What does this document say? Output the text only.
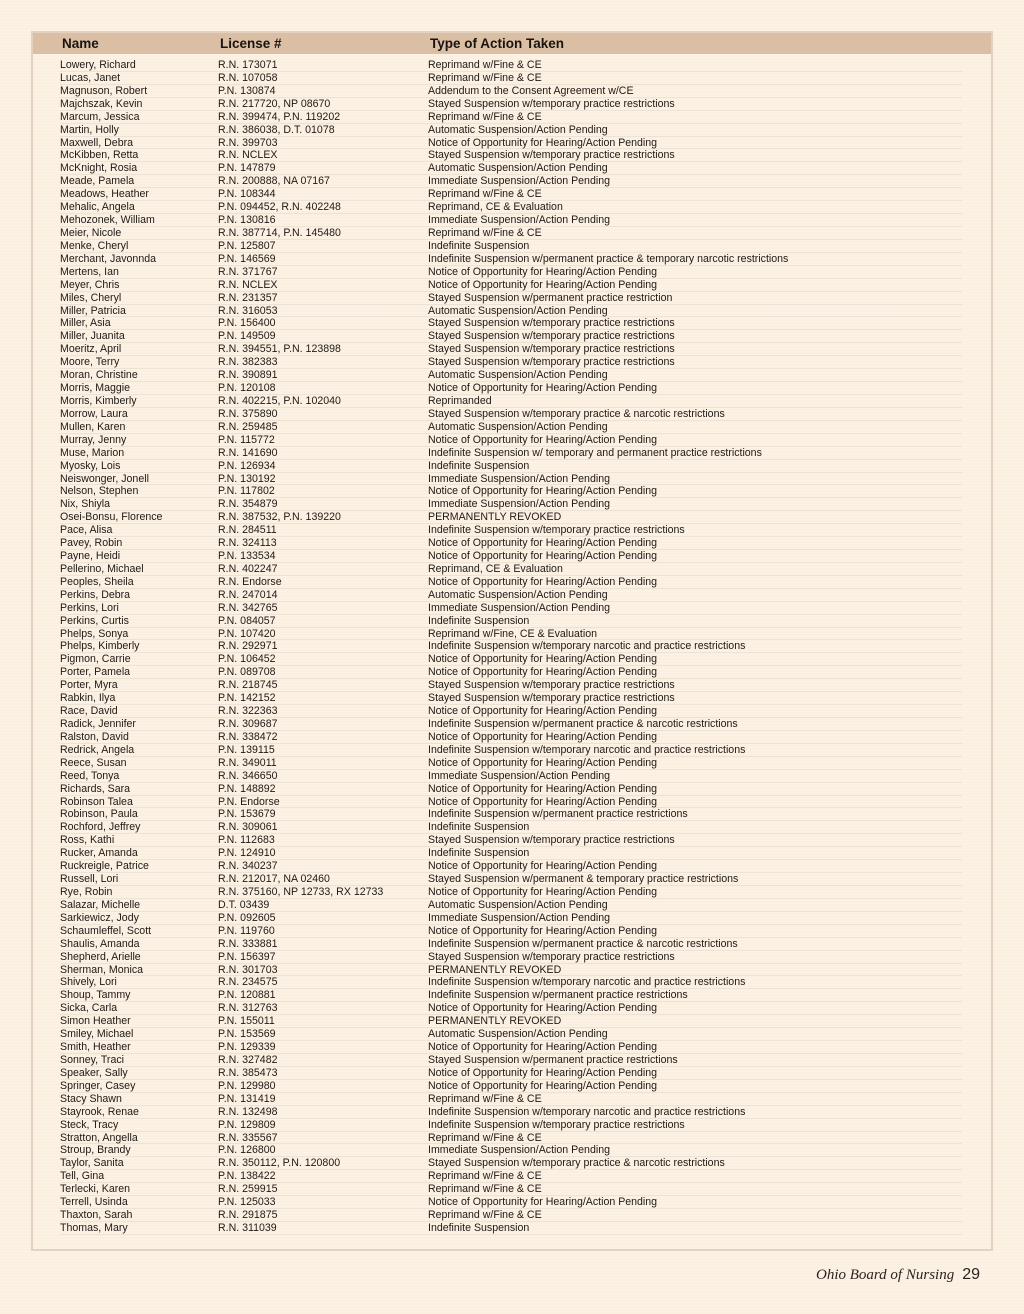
Name	License #	Type of Action Taken
Lowery, Richard	R.N. 173071	Reprimand w/Fine & CE
Lucas, Janet	R.N. 107058	Reprimand w/Fine & CE
Magnuson, Robert	P.N. 130874	Addendum to the Consent Agreement w/CE
Majchszak, Kevin	R.N. 217720, NP 08670	Stayed Suspension w/temporary practice restrictions
Marcum, Jessica	R.N. 399474, P.N. 119202	Reprimand w/Fine & CE
Martin, Holly	R.N. 386038, D.T. 01078	Automatic Suspension/Action Pending
Maxwell, Debra	R.N. 399703	Notice of Opportunity for Hearing/Action Pending
McKibben, Retta	R.N. NCLEX	Stayed Suspension w/temporary practice restrictions
McKnight, Rosia	P.N. 147879	Automatic Suspension/Action Pending
Meade, Pamela	R.N. 200888, NA 07167	Immediate Suspension/Action Pending
Meadows, Heather	P.N. 108344	Reprimand w/Fine & CE
Mehalic, Angela	P.N. 094452, R.N. 402248	Reprimand, CE & Evaluation
Mehozonek, William	P.N. 130816	Immediate Suspension/Action Pending
Meier, Nicole	R.N. 387714, P.N. 145480	Reprimand w/Fine & CE
Menke, Cheryl	P.N. 125807	Indefinite Suspension
Merchant, Javonnda	P.N. 146569	Indefinite Suspension w/permanent practice & temporary narcotic restrictions
Mertens, Ian	R.N. 371767	Notice of Opportunity for Hearing/Action Pending
Meyer, Chris	R.N. NCLEX	Notice of Opportunity for Hearing/Action Pending
Miles, Cheryl	R.N. 231357	Stayed Suspension w/permanent practice restriction
Miller, Patricia	R.N. 316053	Automatic Suspension/Action Pending
Miller, Asia	P.N. 156400	Stayed Suspension w/temporary practice restrictions
Miller, Juanita	P.N. 149509	Stayed Suspension w/temporary practice restrictions
Moeritz, April	R.N. 394551, P.N. 123898	Stayed Suspension w/temporary practice restrictions
Moore, Terry	R.N. 382383	Stayed Suspension w/temporary practice restrictions
Moran, Christine	R.N. 390891	Automatic Suspension/Action Pending
Morris, Maggie	P.N. 120108	Notice of Opportunity for Hearing/Action Pending
Morris, Kimberly	R.N. 402215, P.N. 102040	Reprimanded
Morrow, Laura	R.N. 375890	Stayed Suspension w/temporary practice & narcotic restrictions
Mullen, Karen	R.N. 259485	Automatic Suspension/Action Pending
Murray, Jenny	P.N. 115772	Notice of Opportunity for Hearing/Action Pending
Muse, Marion	R.N. 141690	Indefinite Suspension w/ temporary and permanent practice restrictions
Myosky, Lois	P.N. 126934	Indefinite Suspension
Neiswonger, Jonell	P.N. 130192	Immediate Suspension/Action Pending
Nelson, Stephen	P.N. 117802	Notice of Opportunity for Hearing/Action Pending
Nix, Shiyla	R.N. 354879	Immediate Suspension/Action Pending
Osei-Bonsu, Florence	R.N. 387532, P.N. 139220	PERMANENTLY REVOKED
Pace, Alisa	R.N. 284511	Indefinite Suspension w/temporary practice restrictions
Pavey, Robin	R.N. 324113	Notice of Opportunity for Hearing/Action Pending
Payne, Heidi	P.N. 133534	Notice of Opportunity for Hearing/Action Pending
Pellerino, Michael	R.N. 402247	Reprimand, CE & Evaluation
Peoples, Sheila	R.N. Endorse	Notice of Opportunity for Hearing/Action Pending
Perkins, Debra	R.N. 247014	Automatic Suspension/Action Pending
Perkins, Lori	R.N. 342765	Immediate Suspension/Action Pending
Perkins, Curtis	P.N. 084057	Indefinite Suspension
Phelps, Sonya	P.N. 107420	Reprimand w/Fine, CE & Evaluation
Phelps, Kimberly	R.N. 292971	Indefinite Suspension w/temporary narcotic and practice restrictions
Pigmon, Carrie	P.N. 106452	Notice of Opportunity for Hearing/Action Pending
Porter, Pamela	P.N. 089708	Notice of Opportunity for Hearing/Action Pending
Porter, Myra	R.N. 218745	Stayed Suspension w/temporary practice restrictions
Rabkin, Ilya	P.N. 142152	Stayed Suspension w/temporary practice restrictions
Race, David	R.N. 322363	Notice of Opportunity for Hearing/Action Pending
Radick, Jennifer	R.N. 309687	Indefinite Suspension w/permanent practice & narcotic restrictions
Ralston, David	R.N. 338472	Notice of Opportunity for Hearing/Action Pending
Redrick, Angela	P.N. 139115	Indefinite Suspension w/temporary narcotic and practice restrictions
Reece, Susan	R.N. 349011	Notice of Opportunity for Hearing/Action Pending
Reed, Tonya	R.N. 346650	Immediate Suspension/Action Pending
Richards, Sara	P.N. 148892	Notice of Opportunity for Hearing/Action Pending
Robinson Talea	P.N. Endorse	Notice of Opportunity for Hearing/Action Pending
Robinson, Paula	P.N. 153679	Indefinite Suspension w/permanent practice restrictions
Rochford, Jeffrey	R.N. 309061	Indefinite Suspension
Ross, Kathi	P.N. 112683	Stayed Suspension w/temporary practice restrictions
Rucker, Amanda	P.N. 124910	Indefinite Suspension
Ruckreigle, Patrice	R.N. 340237	Notice of Opportunity for Hearing/Action Pending
Russell, Lori	R.N. 212017, NA 02460	Stayed Suspension w/permanent & temporary practice restrictions
Rye, Robin	R.N. 375160, NP 12733, RX 12733	Notice of Opportunity for Hearing/Action Pending
Salazar, Michelle	D.T. 03439	Automatic Suspension/Action Pending
Sarkiewicz, Jody	P.N. 092605	Immediate Suspension/Action Pending
Schaumleffel, Scott	P.N. 119760	Notice of Opportunity for Hearing/Action Pending
Shaulis, Amanda	R.N. 333881	Indefinite Suspension w/permanent practice & narcotic restrictions
Shepherd, Arielle	P.N. 156397	Stayed Suspension w/temporary practice restrictions
Sherman, Monica	R.N. 301703	PERMANENTLY REVOKED
Shively, Lori	R.N. 234575	Indefinite Suspension w/temporary narcotic and practice restrictions
Shoup, Tammy	P.N. 120881	Indefinite Suspension w/permanent practice restrictions
Sicka, Carla	R.N. 312763	Notice of Opportunity for Hearing/Action Pending
Simon Heather	P.N. 155011	PERMANENTLY REVOKED
Smiley, Michael	P.N. 153569	Automatic Suspension/Action Pending
Smith, Heather	P.N. 129339	Notice of Opportunity for Hearing/Action Pending
Sonney, Traci	R.N. 327482	Stayed Suspension w/permanent practice restrictions
Speaker, Sally	R.N. 385473	Notice of Opportunity for Hearing/Action Pending
Springer, Casey	P.N. 129980	Notice of Opportunity for Hearing/Action Pending
Stacy Shawn	P.N. 131419	Reprimand w/Fine & CE
Stayrook, Renae	R.N. 132498	Indefinite Suspension w/temporary narcotic and practice restrictions
Steck, Tracy	P.N. 129809	Indefinite Suspension w/temporary practice restrictions
Stratton, Angella	R.N. 335567	Reprimand w/Fine & CE
Stroup, Brandy	P.N. 126800	Immediate Suspension/Action Pending
Taylor, Sanita	R.N. 350112, P.N. 120800	Stayed Suspension w/temporary practice & narcotic restrictions
Tell, Gina	P.N. 138422	Reprimand w/Fine & CE
Terlecki, Karen	R.N. 259915	Reprimand w/Fine & CE
Terrell, Usinda	P.N. 125033	Notice of Opportunity for Hearing/Action Pending
Thaxton, Sarah	R.N. 291875	Reprimand w/Fine & CE
Thomas, Mary	R.N. 311039	Indefinite Suspension
Ohio Board of Nursing 29
